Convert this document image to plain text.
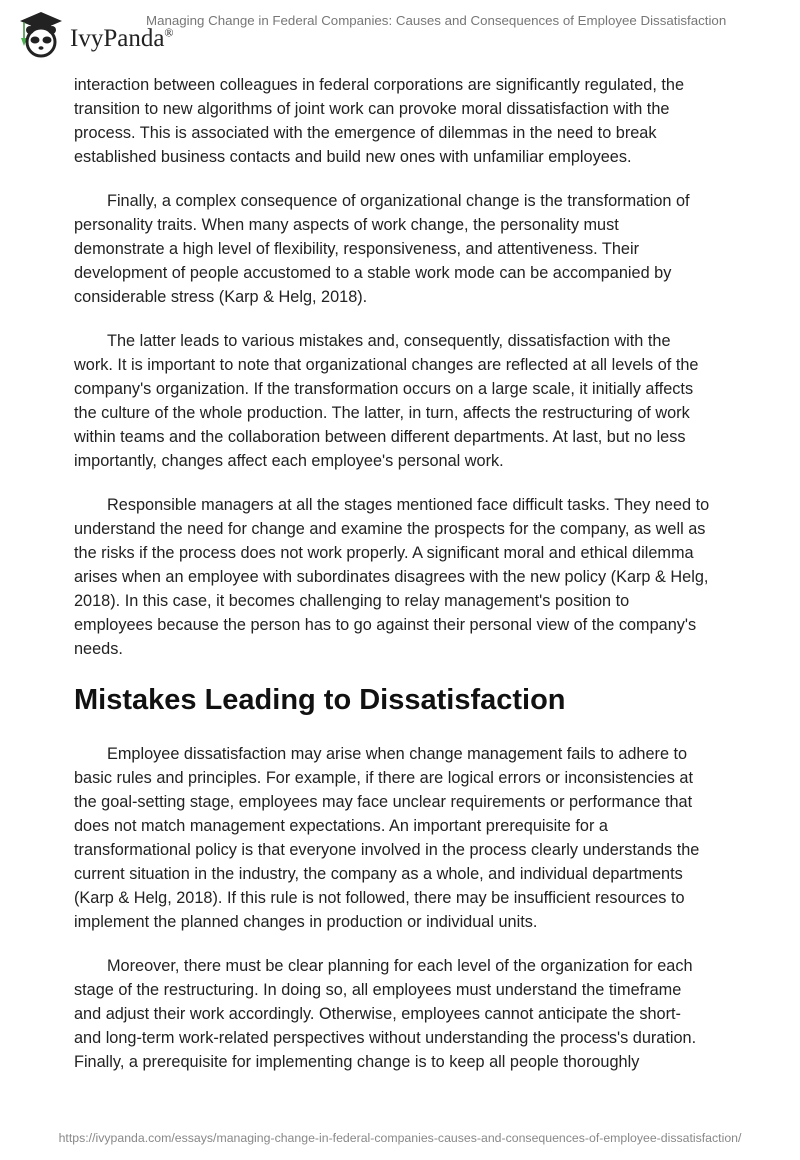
IvyPanda®
Managing Change in Federal Companies: Causes and Consequences of Employee Dissatisfaction

interaction between colleagues in federal corporations are significantly regulated, the
transition to new algorithms of joint work can provoke moral dissatisfaction with the
process. This is associated with the emergence of dilemmas in the need to break
established business contacts and build new ones with unfamiliar employees.

Finally, a complex consequence of organizational change is the transformation of
personality traits. When many aspects of work change, the personality must
demonstrate a high level of flexibility, responsiveness, and attentiveness. Their
development of people accustomed to a stable work mode can be accompanied by
considerable stress (Karp & Helg, 2018).

The latter leads to various mistakes and, consequently, dissatisfaction with the
work. It is important to note that organizational changes are reflected at all levels of the
company's organization. If the transformation occurs on a large scale, it initially affects
the culture of the whole production. The latter, in turn, affects the restructuring of work
within teams and the collaboration between different departments. At last, but no less
importantly, changes affect each employee's personal work.

Responsible managers at all the stages mentioned face difficult tasks. They need to
understand the need for change and examine the prospects for the company, as well as
the risks if the process does not work properly. A significant moral and ethical dilemma
arises when an employee with subordinates disagrees with the new policy (Karp & Helg,
2018). In this case, it becomes challenging to relay management's position to
employees because the person has to go against their personal view of the company's
needs.

Mistakes Leading to Dissatisfaction

Employee dissatisfaction may arise when change management fails to adhere to
basic rules and principles. For example, if there are logical errors or inconsistencies at
the goal-setting stage, employees may face unclear requirements or performance that
does not match management expectations. An important prerequisite for a
transformational policy is that everyone involved in the process clearly understands the
current situation in the industry, the company as a whole, and individual departments
(Karp & Helg, 2018). If this rule is not followed, there may be insufficient resources to
implement the planned changes in production or individual units.

Moreover, there must be clear planning for each level of the organization for each
stage of the restructuring. In doing so, all employees must understand the timeframe
and adjust their work accordingly. Otherwise, employees cannot anticipate the short-
and long-term work-related perspectives without understanding the process's duration.
Finally, a prerequisite for implementing change is to keep all people thoroughly

https://ivypanda.com/essays/managing-change-in-federal-companies-causes-and-consequences-of-employee-dissatisfaction/
